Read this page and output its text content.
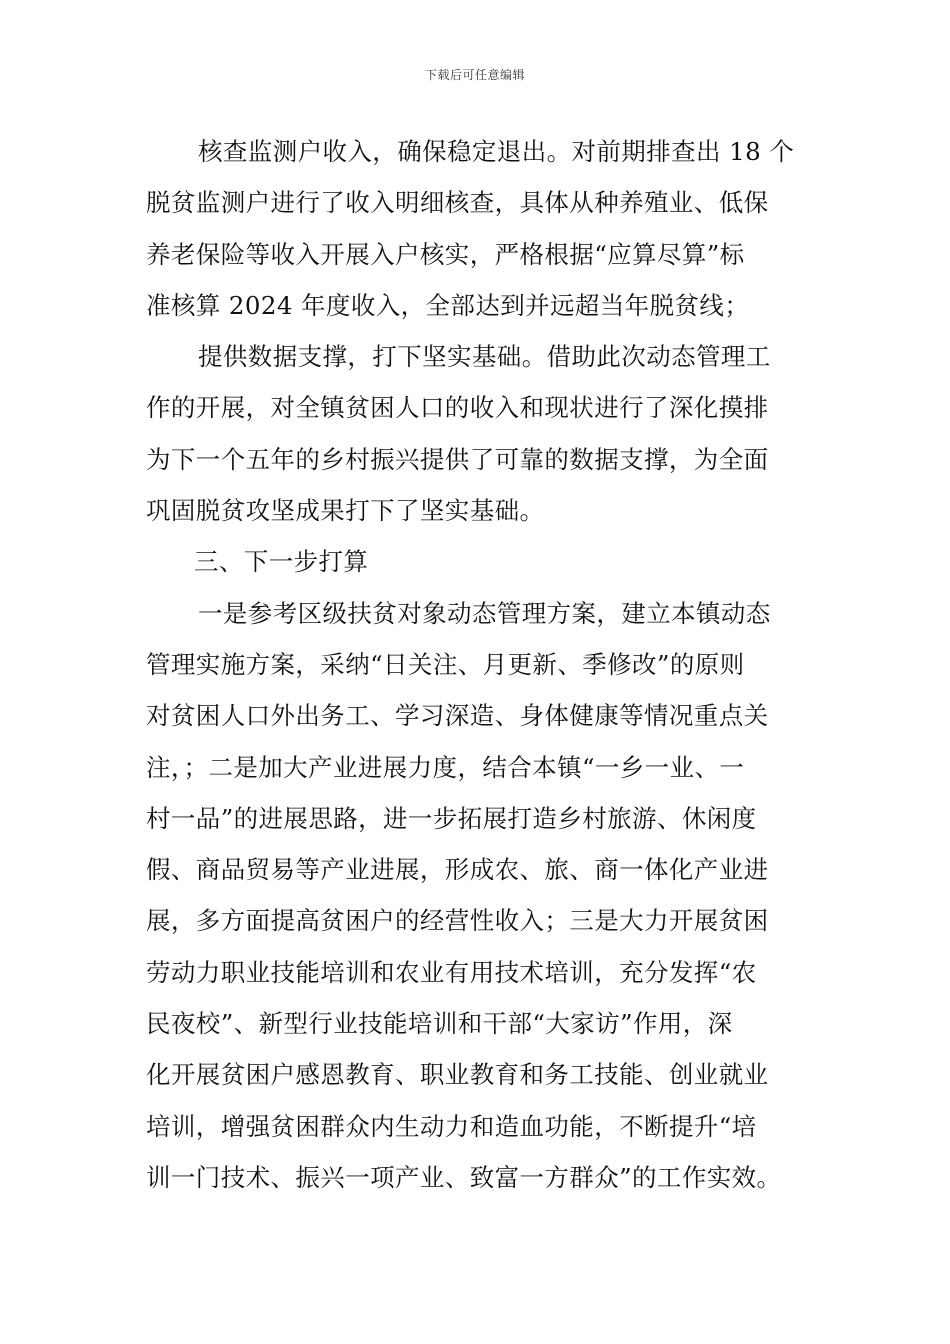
下载后可任意编辑
核查监测户收入，确保稳定退出。对前期排查出 18 个
脱贫监测户进行了收入明细核查，具体从种养殖业、低保
养老保险等收入开展入户核实，严格根据“应算尽算”标
准核算 2024 年度收入，全部达到并远超当年脱贫线；
提供数据支撑，打下坚实基础。借助此次动态管理工
作的开展，对全镇贫困人口的收入和现状进行了深化摸排
为下一个五年的乡村振兴提供了可靠的数据支撑，为全面
巩固脱贫攻坚成果打下了坚实基础。
三、下一步打算
一是参考区级扶贫对象动态管理方案，建立本镇动态
管理实施方案，采纳“日关注、月更新、季修改”的原则
对贫困人口外出务工、学习深造、身体健康等情况重点关
注，；二是加大产业进展力度，结合本镇“一乡一业、一
村一品”的进展思路，进一步拓展打造乡村旅游、休闲度
假、商品贸易等产业进展，形成农、旅、商一体化产业进
展，多方面提高贫困户的经营性收入；三是大力开展贫困
劳动力职业技能培训和农业有用技术培训，充分发挥“农
民夜校”、新型行业技能培训和干部“大家访”作用，深
化开展贫困户感恩教育、职业教育和务工技能、创业就业
培训，增强贫困群众内生动力和造血功能，不断提升“培
训一门技术、振兴一项产业、致富一方群众”的工作实效。
